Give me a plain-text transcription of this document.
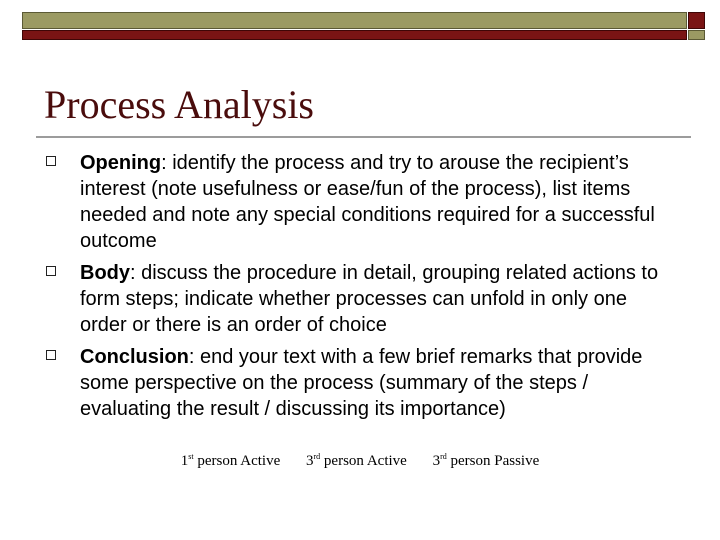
Process Analysis
Opening: identify the process and try to arouse the recipient’s interest (note usefulness or ease/fun of the process), list items needed and note any special conditions required for a successful outcome
Body: discuss the procedure in detail, grouping related actions to form steps; indicate whether processes can unfold in only one order or there is an order of choice
Conclusion: end your text with a few brief remarks that provide some perspective on the process (summary of the steps / evaluating the result / discussing its importance)
1st person Active 3rd person Active 3rd person Passive
